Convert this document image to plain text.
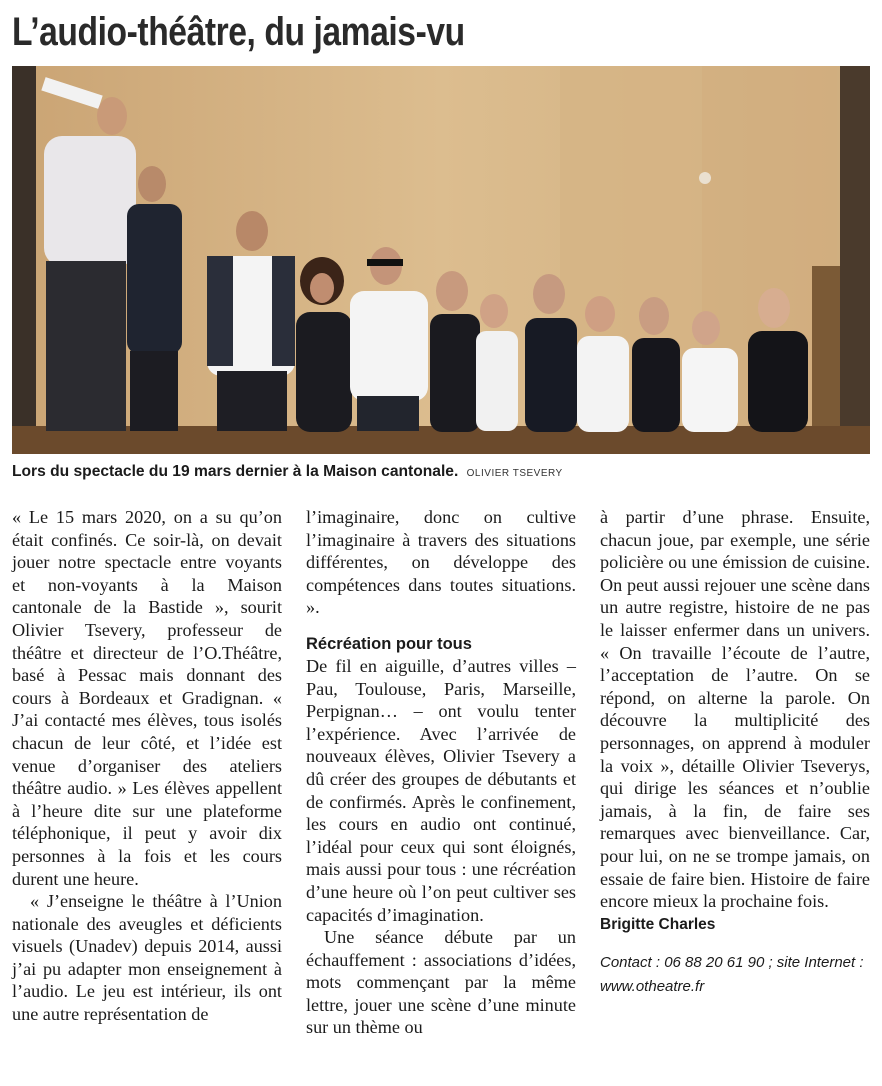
L’audio-théâtre, du jamais-vu
Lors du spectacle du 19 mars dernier à la Maison cantonale. OLIVIER TSEVERY

« Le 15 mars 2020, on a su qu’on était confinés. Ce soir-là, on devait jouer notre spectacle entre voyants et non-voyants à la Maison cantonale de la Bastide », sourit Olivier Tsevery, professeur de théâtre et directeur de l’O.Théâtre, basé à Pessac mais donnant des cours à Bordeaux et Gradignan. « J’ai contacté mes élèves, tous isolés chacun de leur côté, et l’idée est venue d’organiser des ateliers théâtre audio. » Les élèves appellent à l’heure dite sur une plateforme téléphonique, il peut y avoir dix personnes à la fois et les cours durent une heure.

« J’enseigne le théâtre à l’Union nationale des aveugles et déficients visuels (Unadev) depuis 2014, aussi j’ai pu adapter mon enseignement à l’audio. Le jeu est intérieur, ils ont une autre représentation de

l’imaginaire, donc on cultive l’imaginaire à travers des situations différentes, on développe des compétences dans toutes situations. ».

Récréation pour tous

De fil en aiguille, d’autres villes – Pau, Toulouse, Paris, Marseille, Perpignan… – ont voulu tenter l’expérience. Avec l’arrivée de nouveaux élèves, Olivier Tsevery a dû créer des groupes de débutants et de confirmés. Après le confinement, les cours en audio ont continué, l’idéal pour ceux qui sont éloignés, mais aussi pour tous : une récréation d’une heure où l’on peut cultiver ses capacités d’imagination.

Une séance débute par un échauffement : associations d’idées, mots commençant par la même lettre, jouer une scène d’une minute sur un thème ou

à partir d’une phrase. Ensuite, chacun joue, par exemple, une série policière ou une émission de cuisine. On peut aussi rejouer une scène dans un autre registre, histoire de ne pas le laisser enfermer dans un univers. « On travaille l’écoute de l’autre, l’acceptation de l’autre. On se répond, on alterne la parole. On découvre la multiplicité des personnages, on apprend à moduler la voix », détaille Olivier Tseverys, qui dirige les séances et n’oublie jamais, à la fin, de faire ses remarques avec bienveillance. Car, pour lui, on ne se trompe jamais, on essaie de faire bien. Histoire de faire encore mieux la prochaine fois.

Brigitte Charles
Contact : 06 88 20 61 90 ; site Internet :
www.otheatre.fr
